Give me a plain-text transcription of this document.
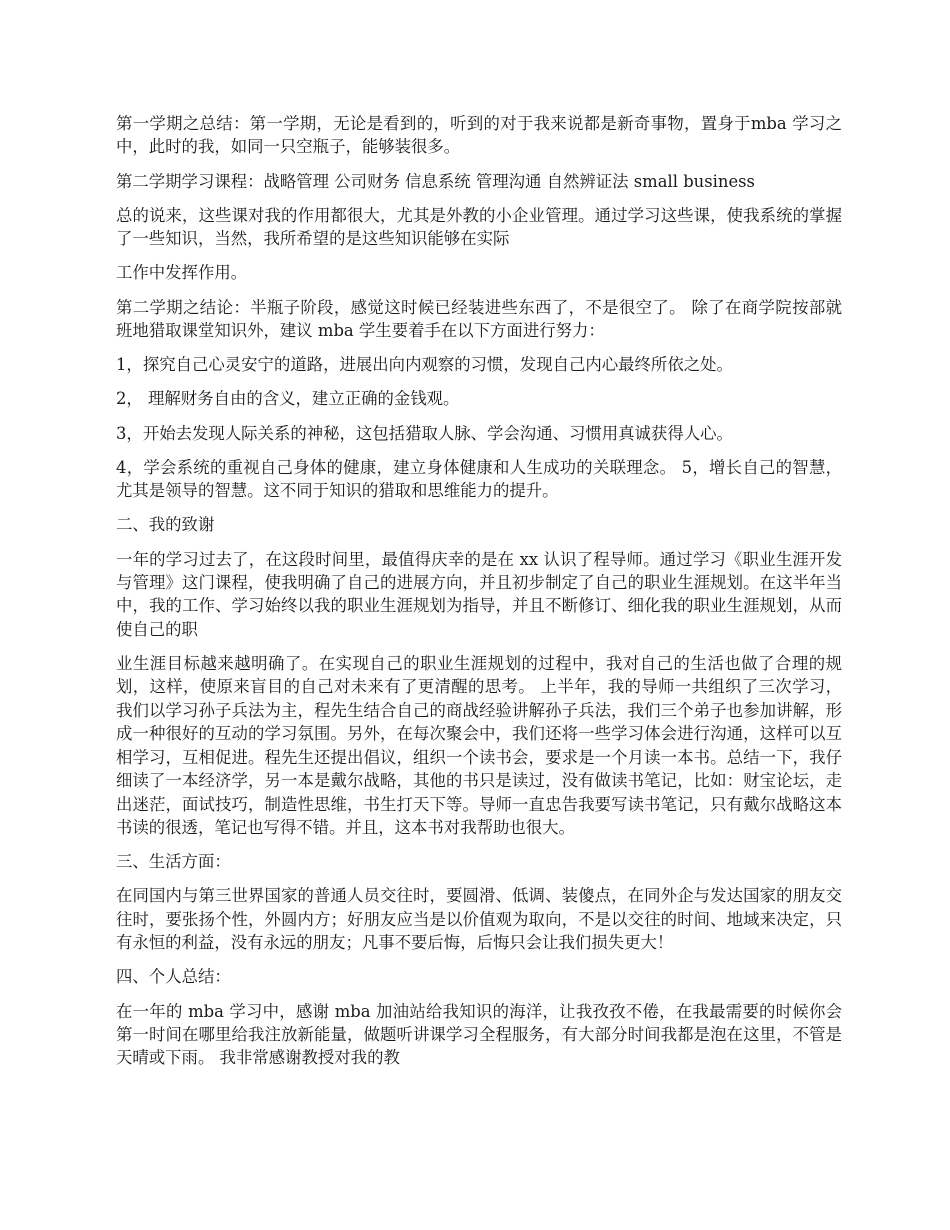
第一学期之总结：第一学期，无论是看到的，听到的对于我来说都是新奇事物，置身于mba 学习之中，此时的我，如同一只空瓶子，能够装很多。

第二学期学习课程：战略管理 公司财务 信息系统 管理沟通 自然辨证法 small business

总的说来，这些课对我的作用都很大，尤其是外教的小企业管理。通过学习这些课，使我系统的掌握了一些知识，当然，我所希望的是这些知识能够在实际

工作中发挥作用。

第二学期之结论：半瓶子阶段，感觉这时候已经装进些东西了，不是很空了。 除了在商学院按部就班地猎取课堂知识外，建议 mba 学生要着手在以下方面进行努力：

1，探究自己心灵安宁的道路，进展出向内观察的习惯，发现自己内心最终所依之处。

2， 理解财务自由的含义，建立正确的金钱观。

3，开始去发现人际关系的神秘，这包括猎取人脉、学会沟通、习惯用真诚获得人心。

4，学会系统的重视自己身体的健康，建立身体健康和人生成功的关联理念。 5，增长自己的智慧，尤其是领导的智慧。这不同于知识的猎取和思维能力的提升。

二、我的致谢

一年的学习过去了，在这段时间里，最值得庆幸的是在 xx 认识了程导师。通过学习《职业生涯开发与管理》这门课程，使我明确了自己的进展方向，并且初步制定了自己的职业生涯规划。在这半年当中，我的工作、学习始终以我的职业生涯规划为指导，并且不断修订、细化我的职业生涯规划，从而使自己的职

业生涯目标越来越明确了。在实现自己的职业生涯规划的过程中，我对自己的生活也做了合理的规划，这样，使原来盲目的自己对未来有了更清醒的思考。 上半年，我的导师一共组织了三次学习，我们以学习孙子兵法为主，程先生结合自己的商战经验讲解孙子兵法，我们三个弟子也参加讲解，形成一种很好的互动的学习氛围。另外，在每次聚会中，我们还将一些学习体会进行沟通，这样可以互相学习，互相促进。程先生还提出倡议，组织一个读书会，要求是一个月读一本书。总结一下，我仔细读了一本经济学，另一本是戴尔战略，其他的书只是读过，没有做读书笔记，比如：财宝论坛，走出迷茫，面试技巧，制造性思维，书生打天下等。导师一直忠告我要写读书笔记，只有戴尔战略这本书读的很透，笔记也写得不错。并且，这本书对我帮助也很大。

三、生活方面：

在同国内与第三世界国家的普通人员交往时，要圆滑、低调、装傻点，在同外企与发达国家的朋友交往时，要张扬个性，外圆内方；好朋友应当是以价值观为取向，不是以交往的时间、地域来决定，只有永恒的利益，没有永远的朋友；凡事不要后悔，后悔只会让我们损失更大！

四、个人总结：

在一年的 mba 学习中，感谢 mba 加油站给我知识的海洋，让我孜孜不倦，在我最需要的时候你会第一时间在哪里给我注放新能量，做题听讲课学习全程服务，有大部分时间我都是泡在这里，不管是天晴或下雨。 我非常感谢教授对我的教
